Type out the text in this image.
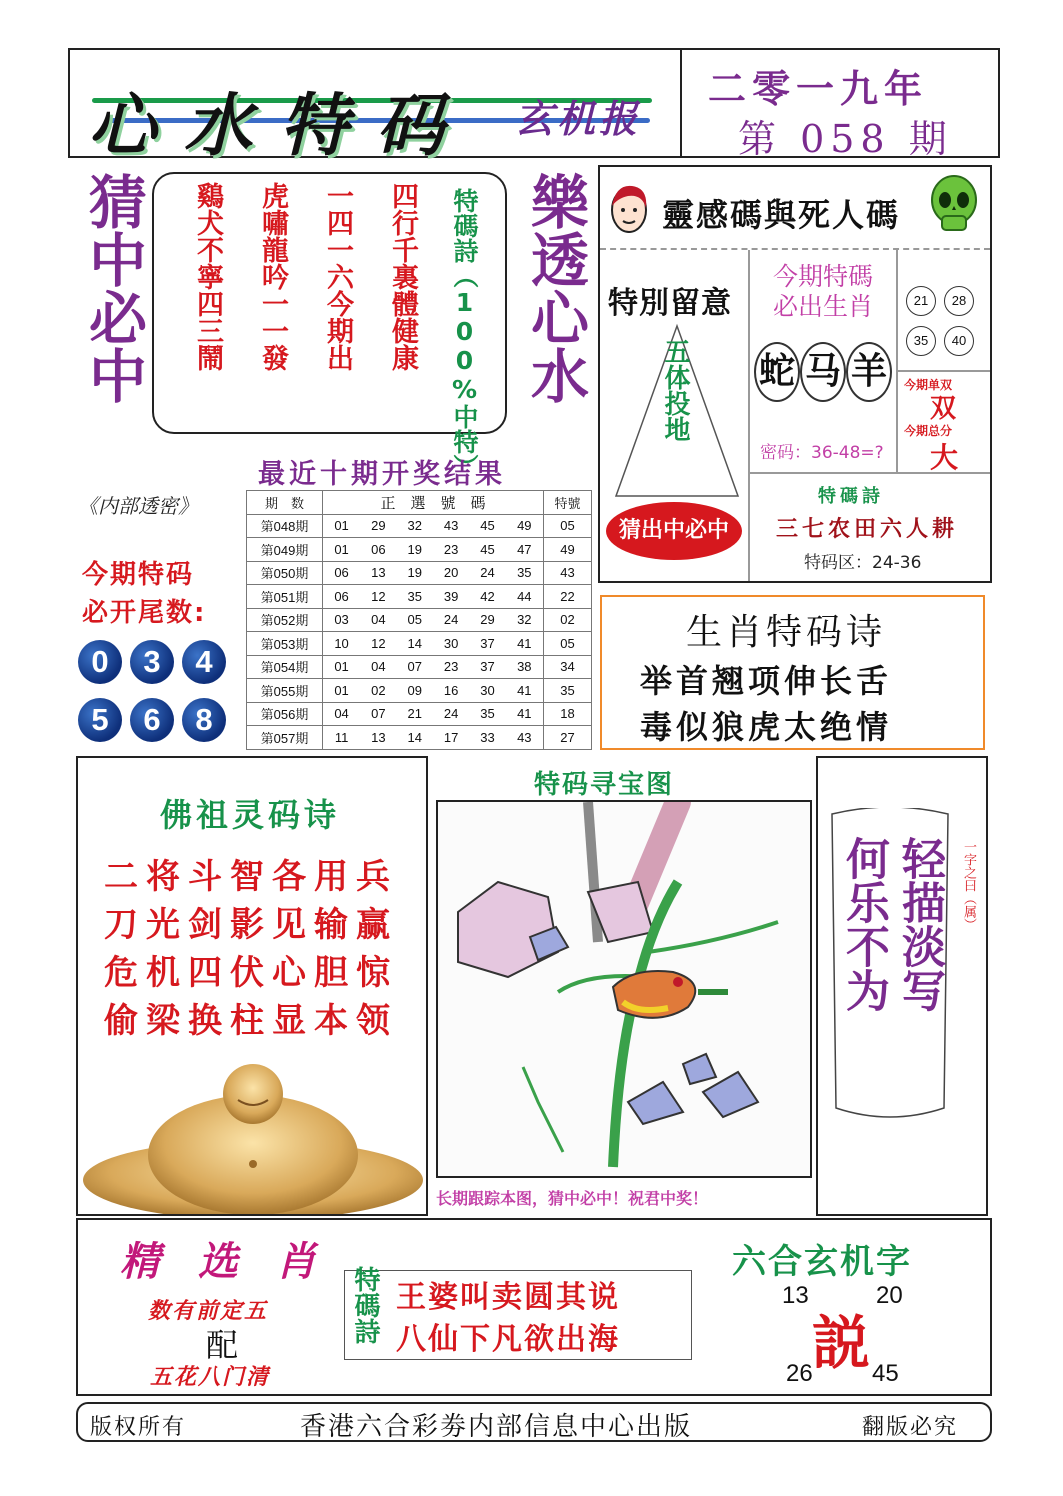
心水特码 玄机报
二零一九年
第 058 期
猜中必中	樂透心水
鷄犬不寧四三鬧 虎嘯龍吟一一發 一四一六今期出 四行千裏體健康	特碼詩（100%中特）	靈感碼與死人碼
特別留意
五体投地
猜出中必中
今期特碼必出生肖
蛇 马 羊
密码：36-48=?
21	28
35	40
今期单双
双
今期总分
大
特碼詩
三七农田六人耕
特码区：24-36
最近十期开奖结果
期　数	正　選　號　碼						特號
第048期	01	29	32	43	45	49	05
第049期	01	06	19	23	45	47	49
第050期	06	13	19	20	24	35	43
第051期	06	12	35	39	42	44	22
第052期	03	04	05	24	29	32	02
第053期	10	12	14	30	37	41	05
第054期	01	04	07	23	37	38	34
第055期	01	02	09	16	30	41	35
第056期	04	07	21	24	35	41	18
第057期	11	13	14	17	33	43	27
《内部透密》
今期特码
必开尾数:
0	3	4
5	6	8
生肖特码诗
举首翘项伸长舌
毒似狼虎太绝情
佛祖灵码诗
二将斗智各用兵
刀光剑影见输赢
危机四伏心胆惊
偷梁换柱显本领
特码寻宝图
长期跟踪本图，猜中必中！祝君中奖！
轻描淡写
何乐不为	一字之曰（属）
精 选 肖
数有前定五
配
五花八门清
特碼詩 王婆叫卖圆其说
八仙下凡欲出海
六合玄机字
13	20
説
26 45
版权所有	香港六合彩劵内部信息中心出版	翻版必究
